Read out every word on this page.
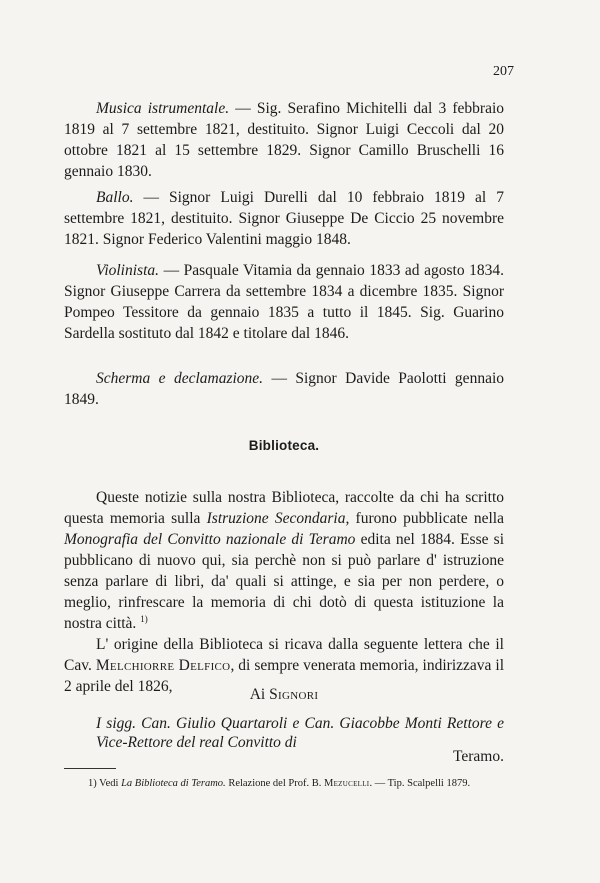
207

Musica istrumentale. — Sig. Serafino Michitelli dal 3 febbraio 1819 al 7 settembre 1821, destituito. Signor Luigi Ceccoli dal 20 ottobre 1821 al 15 settembre 1829. Signor Camillo Bruschelli 16 gennaio 1830.

Ballo. — Signor Luigi Durelli dal 10 febbraio 1819 al 7 settembre 1821, destituito. Signor Giuseppe De Ciccio 25 novembre 1821. Signor Federico Valentini maggio 1848.

Violinista. — Pasquale Vitamia da gennaio 1833 ad agosto 1834. Signor Giuseppe Carrera da settembre 1834 a dicembre 1835. Signor Pompeo Tessitore da gennaio 1835 a tutto il 1845. Sig. Guarino Sardella sostituto dal 1842 e titolare dal 1846.

Scherma e declamazione. — Signor Davide Paolotti gennaio 1849.

Biblioteca.

Queste notizie sulla nostra Biblioteca, raccolte da chi ha scritto questa memoria sulla Istruzione Secondaria, furono pubblicate nella Monografia del Convitto nazionale di Teramo edita nel 1884. Esse si pubblicano di nuovo qui, sia perchè non si può parlare d' istruzione senza parlare di libri, da' quali si attinge, e sia per non perdere, o meglio, rinfrescare la memoria di chi dotò di questa istituzione la nostra città. $^{1)}$

L' origine della Biblioteca si ricava dalla seguente lettera che il Cav. Melchiorre Delfico, di sempre venerata memoria, indirizzava il 2 aprile del 1826,	Ai Signori

I sigg. Can. Giulio Quartaroli e Can. Giacobbe Monti Rettore e Vice-Rettore del real Convitto di

Teramo.

1) Vedi La Biblioteca di Teramo. Relazione del Prof. B. Mezucelli. — Tip. Scalpelli 1879.
